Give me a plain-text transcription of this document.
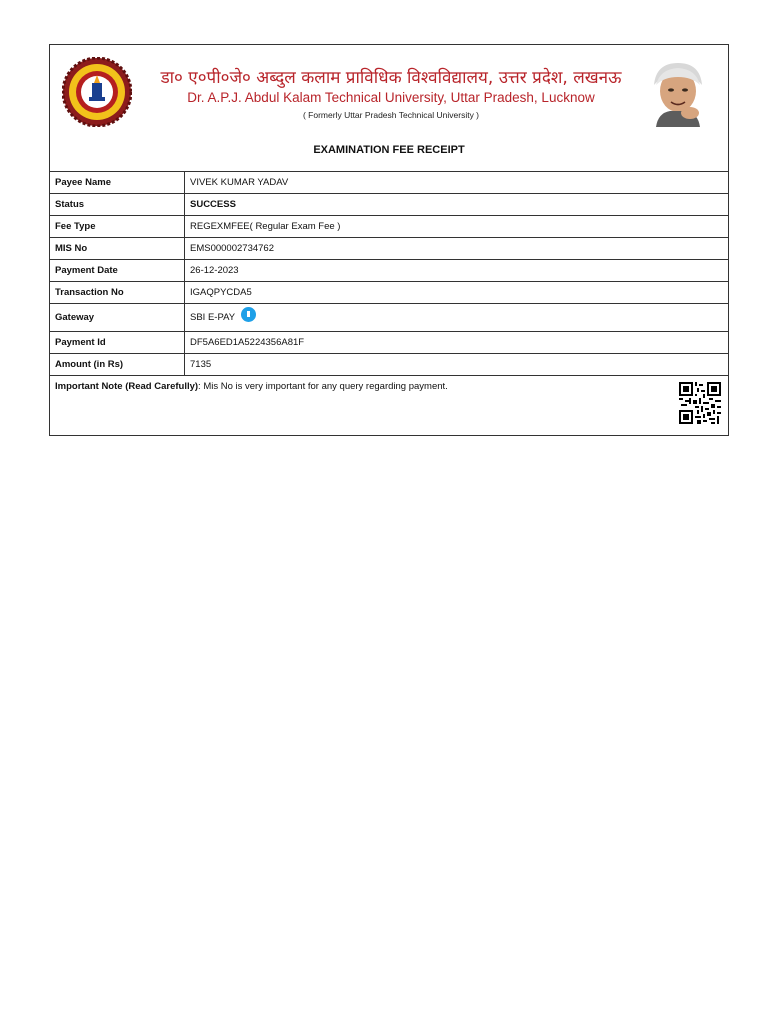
डा० ए०पी०जे० अब्दुल कलाम प्राविधिक विश्वविद्यालय, उत्तर प्रदेश, लखनऊ
Dr. A.P.J. Abdul Kalam Technical University, Uttar Pradesh, Lucknow
( Formerly Uttar Pradesh Technical University )
EXAMINATION FEE RECEIPT
Payee Name	VIVEK KUMAR YADAV
Status	SUCCESS
Fee Type	REGEXMFEE( Regular Exam Fee )
MIS No	EMS000002734762
Payment Date	26-12-2023
Transaction No	IGAQPYCDA5
Gateway	SBI E-PAY
Payment Id	DF5A6ED1A5224356A81F
Amount (in Rs)	7135
Important Note (Read Carefully): Mis No is very important for any query regarding payment.	
